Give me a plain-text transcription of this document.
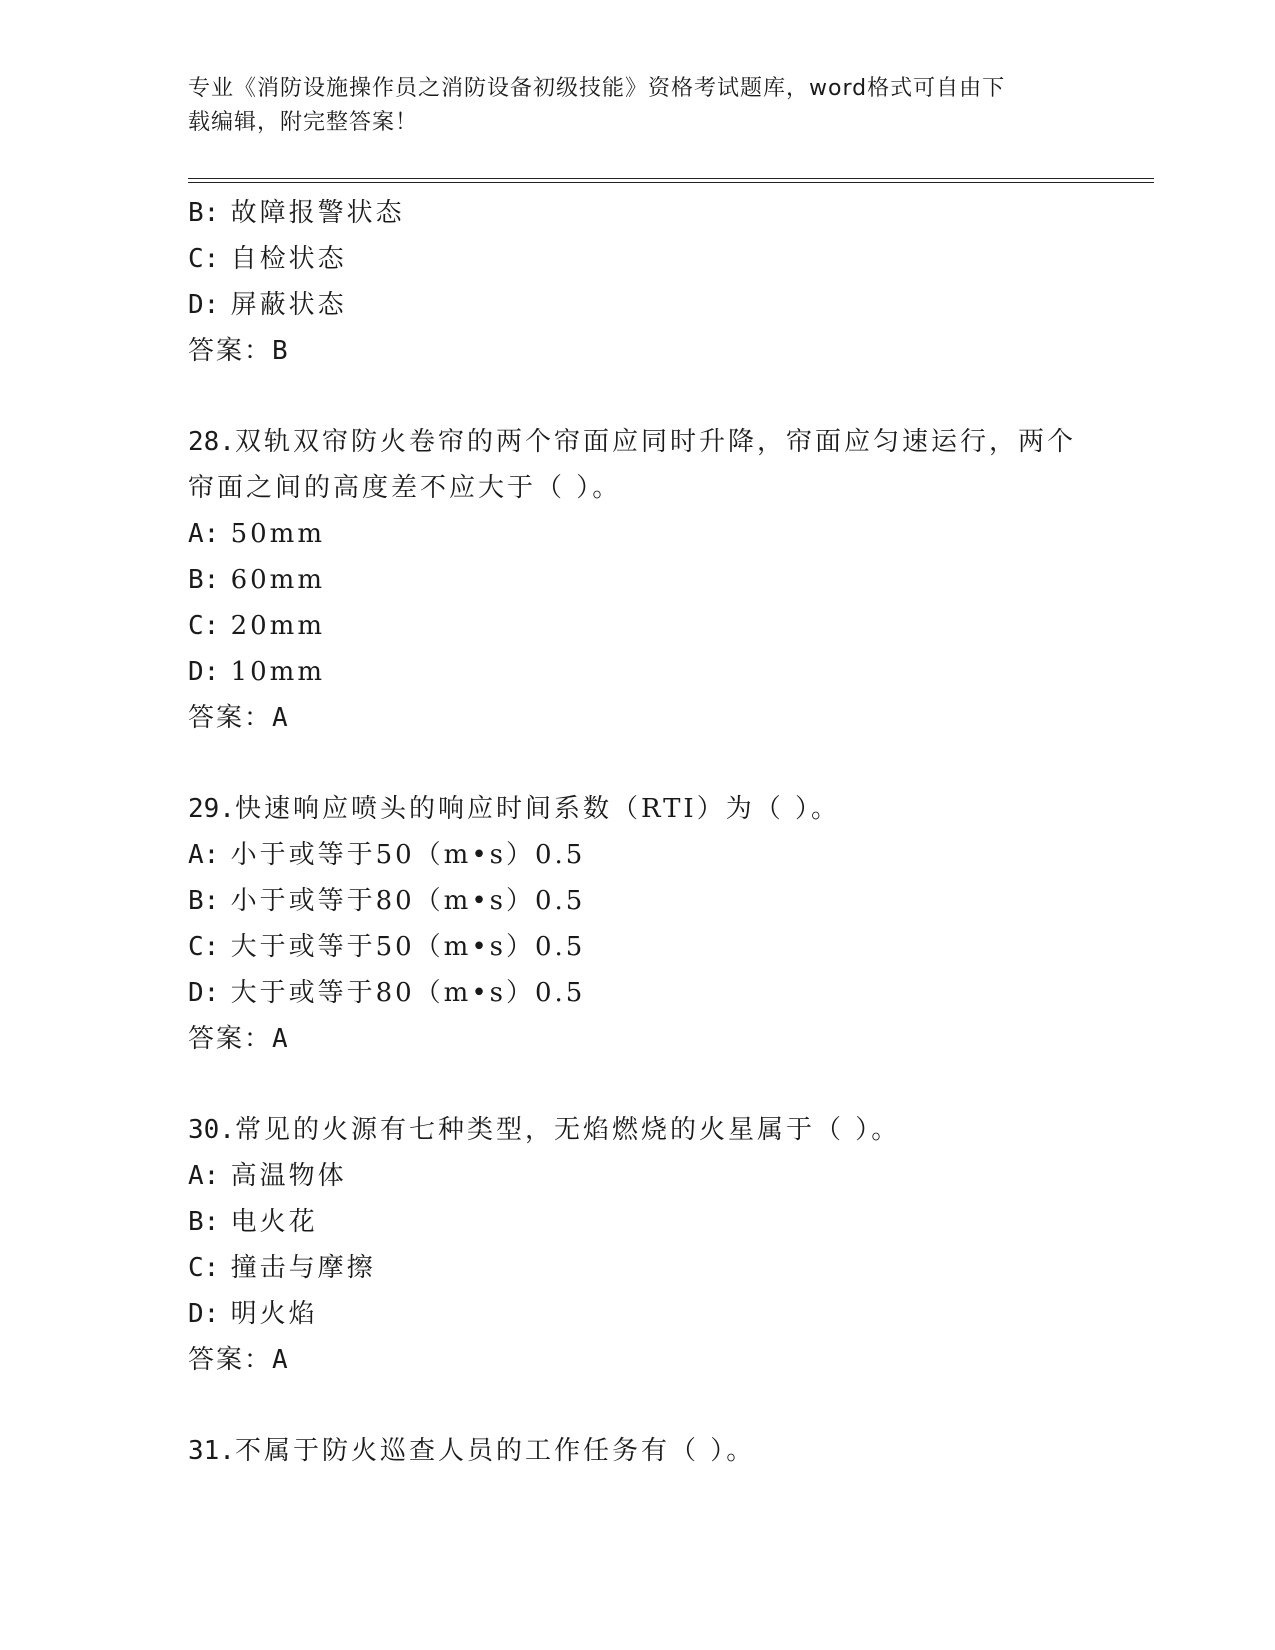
专业《消防设施操作员之消防设备初级技能》资格考试题库，word格式可自由下
载编辑，附完整答案！
B: 故障报警状态
C: 自检状态
D: 屏蔽状态
答案：B
28.双轨双帘防火卷帘的两个帘面应同时升降，帘面应匀速运行，两个
帘面之间的高度差不应大于（ ）。
A: 50mm
B: 60mm
C: 20mm
D: 10mm
答案：A
29.快速响应喷头的响应时间系数（RTI）为（ ）。
A: 小于或等于50（m•s）0.5
B: 小于或等于80（m•s）0.5
C: 大于或等于50（m•s）0.5
D: 大于或等于80（m•s）0.5
答案：A
30.常见的火源有七种类型，无焰燃烧的火星属于（ ）。
A: 高温物体
B: 电火花
C: 撞击与摩擦
D: 明火焰
答案：A
31.不属于防火巡查人员的工作任务有（ ）。
